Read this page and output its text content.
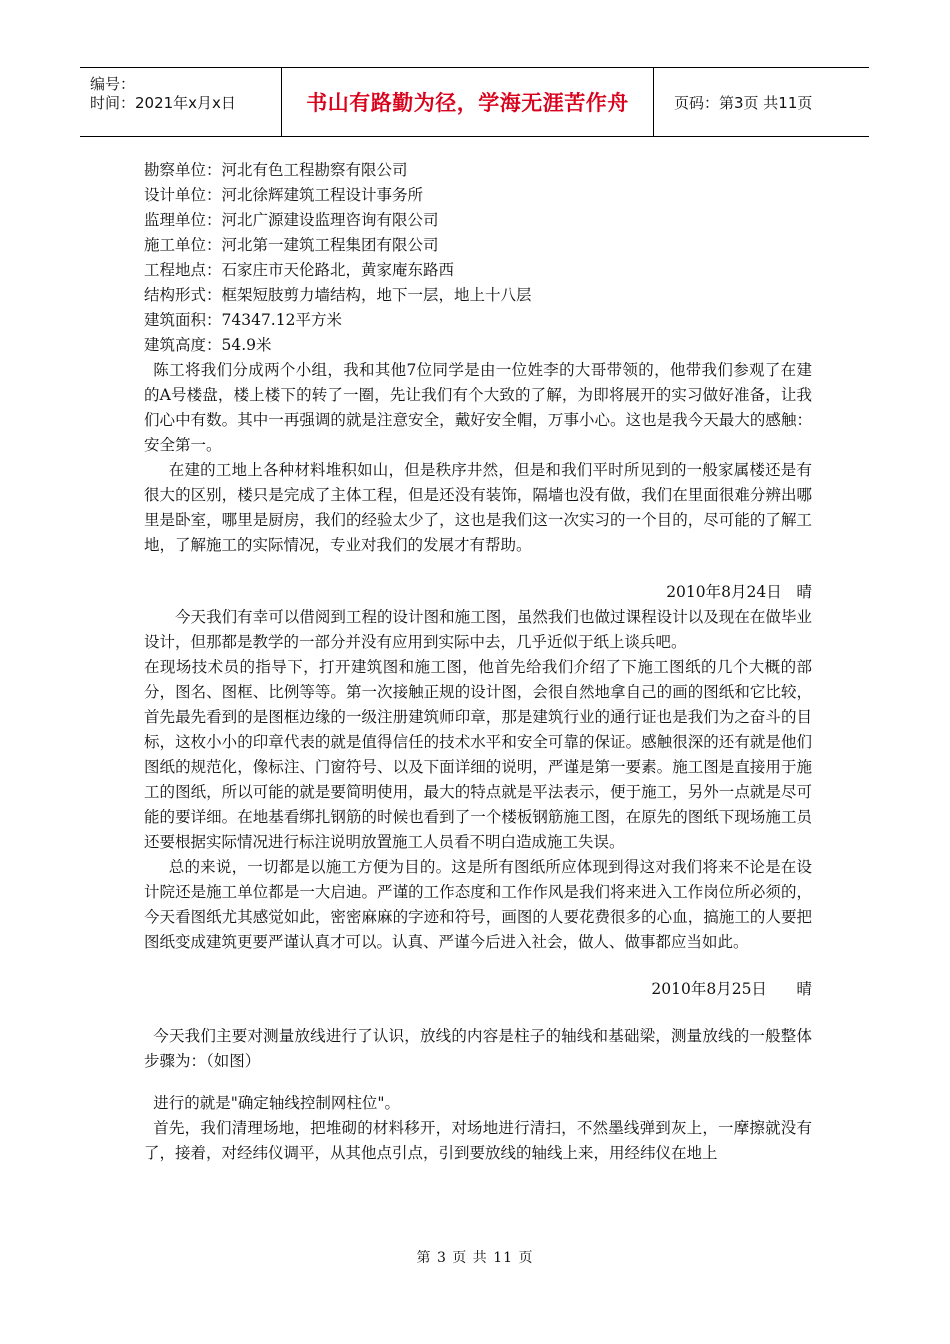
编号：
时间：2021年x月x日	书山有路勤为径，学海无涯苦作舟	页码：第3页 共11页

勘察单位：河北有色工程勘察有限公司

设计单位：河北徐辉建筑工程设计事务所

监理单位：河北广源建设监理咨询有限公司

施工单位：河北第一建筑工程集团有限公司

工程地点：石家庄市天伦路北，黄家庵东路西

结构形式：框架短肢剪力墙结构，地下一层，地上十八层

建筑面积：74347.12平方米

建筑高度：54.9米

陈工将我们分成两个小组，我和其他7位同学是由一位姓李的大哥带领的，他带我们参观了在建的A号楼盘，楼上楼下的转了一圈，先让我们有个大致的了解，为即将展开的实习做好准备，让我们心中有数。其中一再强调的就是注意安全，戴好安全帽，万事小心。这也是我今天最大的感触：安全第一。

在建的工地上各种材料堆积如山，但是秩序井然，但是和我们平时所见到的一般家属楼还是有很大的区别，楼只是完成了主体工程，但是还没有装饰，隔墙也没有做，我们在里面很难分辨出哪里是卧室，哪里是厨房，我们的经验太少了，这也是我们这一次实习的一个目的，尽可能的了解工地，了解施工的实际情况，专业对我们的发展才有帮助。

2010年8月24日   晴

今天我们有幸可以借阅到工程的设计图和施工图，虽然我们也做过课程设计以及现在在做毕业设计，但那都是教学的一部分并没有应用到实际中去，几乎近似于纸上谈兵吧。

在现场技术员的指导下，打开建筑图和施工图，他首先给我们介绍了下施工图纸的几个大概的部分，图名、图框、比例等等。第一次接触正规的设计图，会很自然地拿自己的画的图纸和它比较，首先最先看到的是图框边缘的一级注册建筑师印章，那是建筑行业的通行证也是我们为之奋斗的目标，这枚小小的印章代表的就是值得信任的技术水平和安全可靠的保证。感触很深的还有就是他们图纸的规范化，像标注、门窗符号、以及下面详细的说明，严谨是第一要素。施工图是直接用于施工的图纸，所以可能的就是要简明使用，最大的特点就是平法表示，便于施工，另外一点就是尽可能的要详细。在地基看绑扎钢筋的时候也看到了一个楼板钢筋施工图，在原先的图纸下现场施工员还要根据实际情况进行标注说明放置施工人员看不明白造成施工失误。

总的来说，一切都是以施工方便为目的。这是所有图纸所应体现到得这对我们将来不论是在设计院还是施工单位都是一大启迪。严谨的工作态度和工作作风是我们将来进入工作岗位所必须的，今天看图纸尤其感觉如此，密密麻麻的字迹和符号，画图的人要花费很多的心血，搞施工的人要把图纸变成建筑更要严谨认真才可以。认真、严谨今后进入社会，做人、做事都应当如此。

2010年8月25日      晴

今天我们主要对测量放线进行了认识，放线的内容是柱子的轴线和基础梁，测量放线的一般整体步骤为：（如图）

进行的就是"确定轴线控制网柱位"。

首先，我们清理场地，把堆砌的材料移开，对场地进行清扫，不然墨线弹到灰上，一摩擦就没有了，接着，对经纬仪调平，从其他点引点，引到要放线的轴线上来，用经纬仪在地上

第 3 页 共 11 页
